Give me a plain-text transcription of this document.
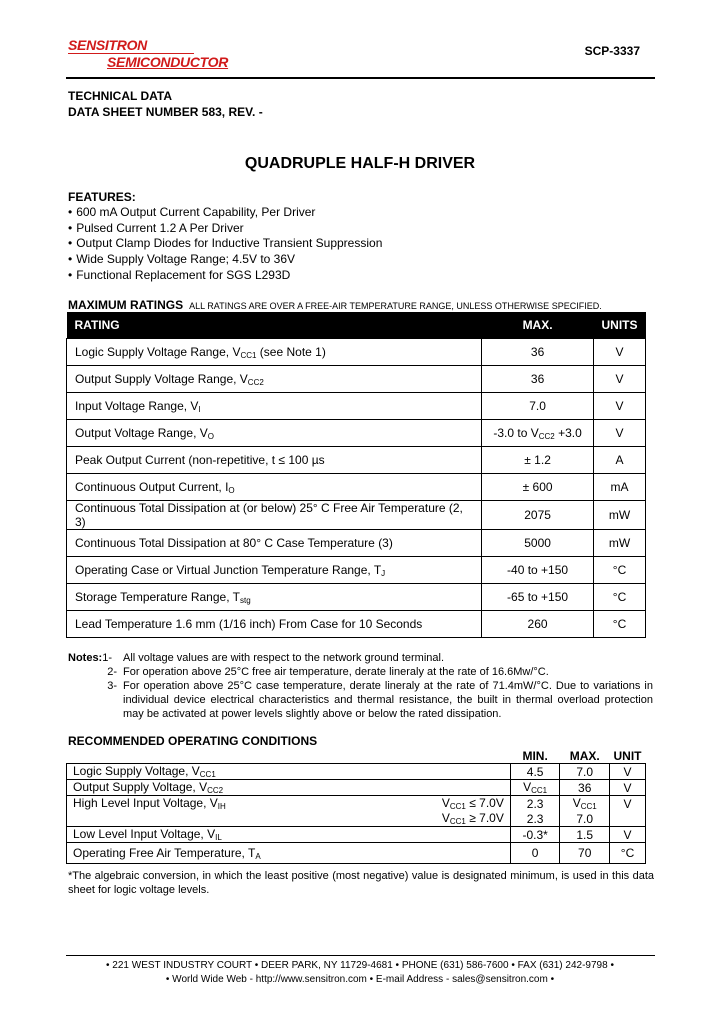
SENSITRON
SEMICONDUCTOR
SCP-3337
TECHNICAL DATA
DATA SHEET NUMBER 583, REV. -
QUADRUPLE HALF-H DRIVER
FEATURES:
• 600 mA Output Current Capability, Per Driver
• Pulsed Current 1.2 A Per Driver
• Output Clamp Diodes for Inductive Transient Suppression
• Wide Supply Voltage Range; 4.5V to 36V
• Functional Replacement for SGS L293D
MAXIMUM RATINGS ALL RATINGS ARE OVER A FREE-AIR TEMPERATURE RANGE, UNLESS OTHERWISE SPECIFIED.
RATING	MAX.	UNITS
Logic Supply Voltage Range, $V_{CC1}$ (see Note 1)	36	V
Output Supply Voltage Range, $V_{CC2}$	36	V
Input Voltage Range, $V_I$	7.0	V
Output Voltage Range, $V_O$	-3.0 to $V_{CC2} +3.0$	V
Peak Output Current (non-repetitive, t ≤ 100 µs	± 1.2	A
Continuous Output Current, $I_O$	± 600	mA
Continuous Total Dissipation at (or below) 25° C Free Air Temperature (2, 3)	2075	mW
Continuous Total Dissipation at 80° C Case Temperature (3)	5000	mW
Operating Case or Virtual Junction Temperature Range, $T_J$	-40 to +150	°C
Storage Temperature Range, $T_{stg}$	-65 to +150	°C
Lead Temperature 1.6 mm (1/16 inch) From Case for 10 Seconds	260	°C
Notes:1- All voltage values are with respect to the network ground terminal.
2- For operation above 25°C free air temperature, derate lineraly at the rate of 16.6Mw/°C.
3- For operation above 25°C case temperature, derate lineraly at the rate of 71.4mW/°C. Due to variations in individual device electrical characteristics and thermal resistance, the built in thermal overload protection may be activated at power levels slightly above or below the rated dissipation.
RECOMMENDED OPERATING CONDITIONS
		MIN.	MAX.	UNIT
Logic Supply Voltage, $V_{CC1}$		4.5	7.0	V
Output Supply Voltage, $V_{CC2}$		$V_{CC1}$	36	V
High Level Input Voltage, $V_{IH}$	$V_{CC1} \le 7.0V$	2.3	$V_{CC1}$	V
	$V_{CC1} \ge 7.0V$	2.3	7.0	
Low Level Input Voltage, $V_{IL}$		-0.3*	1.5	V
Operating Free Air Temperature, $T_A$		0	70	°C
*The algebraic conversion, in which the least positive (most negative) value is designated minimum, is used in this data sheet for logic voltage levels.
• 221 WEST INDUSTRY COURT • DEER PARK, NY 11729-4681 • PHONE (631) 586-7600 • FAX (631) 242-9798 •
• World Wide Web - http://www.sensitron.com • E-mail Address - sales@sensitron.com •
